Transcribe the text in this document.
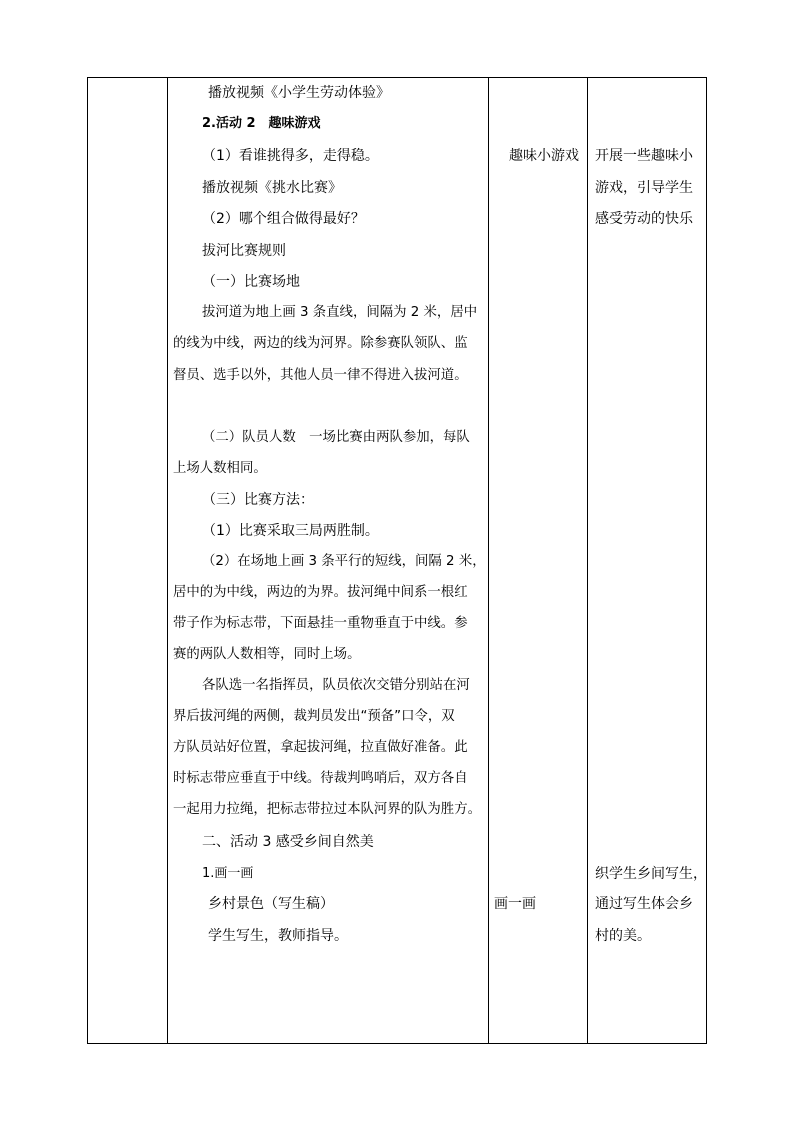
播放视频《小学生劳动体验》
2.活动 2　趣味游戏
（1）看谁挑得多，走得稳。
播放视频《挑水比赛》
（2）哪个组合做得最好？
拔河比赛规则
（一）比赛场地
拔河道为地上画 3 条直线，间隔为 2 米，居中
的线为中线，两边的线为河界。除参赛队领队、监
督员、选手以外，其他人员一律不得进入拔河道。
（二）队员人数　一场比赛由两队参加，每队
上场人数相同。
（三）比赛方法：
（1）比赛采取三局两胜制。
（2）在场地上画 3 条平行的短线，间隔 2 米，
居中的为中线，两边的为界。拔河绳中间系一根红
带子作为标志带，下面悬挂一重物垂直于中线。参
赛的两队人数相等，同时上场。
各队选一名指挥员，队员依次交错分别站在河
界后拔河绳的两侧，裁判员发出“预备”口令，双
方队员站好位置，拿起拔河绳，拉直做好准备。此
时标志带应垂直于中线。待裁判鸣哨后，双方各自
一起用力拉绳，把标志带拉过本队河界的队为胜方。
二、活动 3 感受乡间自然美
1.画一画
乡村景色（写生稿）
学生写生，教师指导。
趣味小游戏
画一画
开展一些趣味小
游戏，引导学生
感受劳动的快乐
织学生乡间写生，
通过写生体会乡
村的美。
